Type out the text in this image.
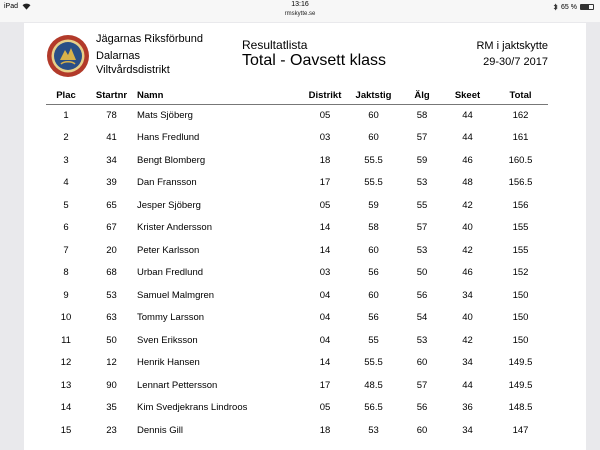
iPad	13:16
rmskytte.se
65 %
Jägarnas Riksförbund
Dalarnas
Viltvårdsdistrikt
Resultatlista
Total - Oavsett klass
RM i jaktskytte
29-30/7 2017
Plac	Startnr	Namn	Distrikt	Jaktstig	Älg	Skeet	Total
1	78	Mats Sjöberg	05	60	58	44	162
2	41	Hans Fredlund	03	60	57	44	161
3	34	Bengt Blomberg	18	55.5	59	46	160.5
4	39	Dan Fransson	17	55.5	53	48	156.5
5	65	Jesper Sjöberg	05	59	55	42	156
6	67	Krister Andersson	14	58	57	40	155
7	20	Peter Karlsson	14	60	53	42	155
8	68	Urban Fredlund	03	56	50	46	152
9	53	Samuel Malmgren	04	60	56	34	150
10	63	Tommy Larsson	04	56	54	40	150
11	50	Sven Eriksson	04	55	53	42	150
12	12	Henrik Hansen	14	55.5	60	34	149.5
13	90	Lennart Pettersson	17	48.5	57	44	149.5
14	35	Kim Svedjekrans Lindroos	05	56.5	56	36	148.5
15	23	Dennis Gill	18	53	60	34	147
